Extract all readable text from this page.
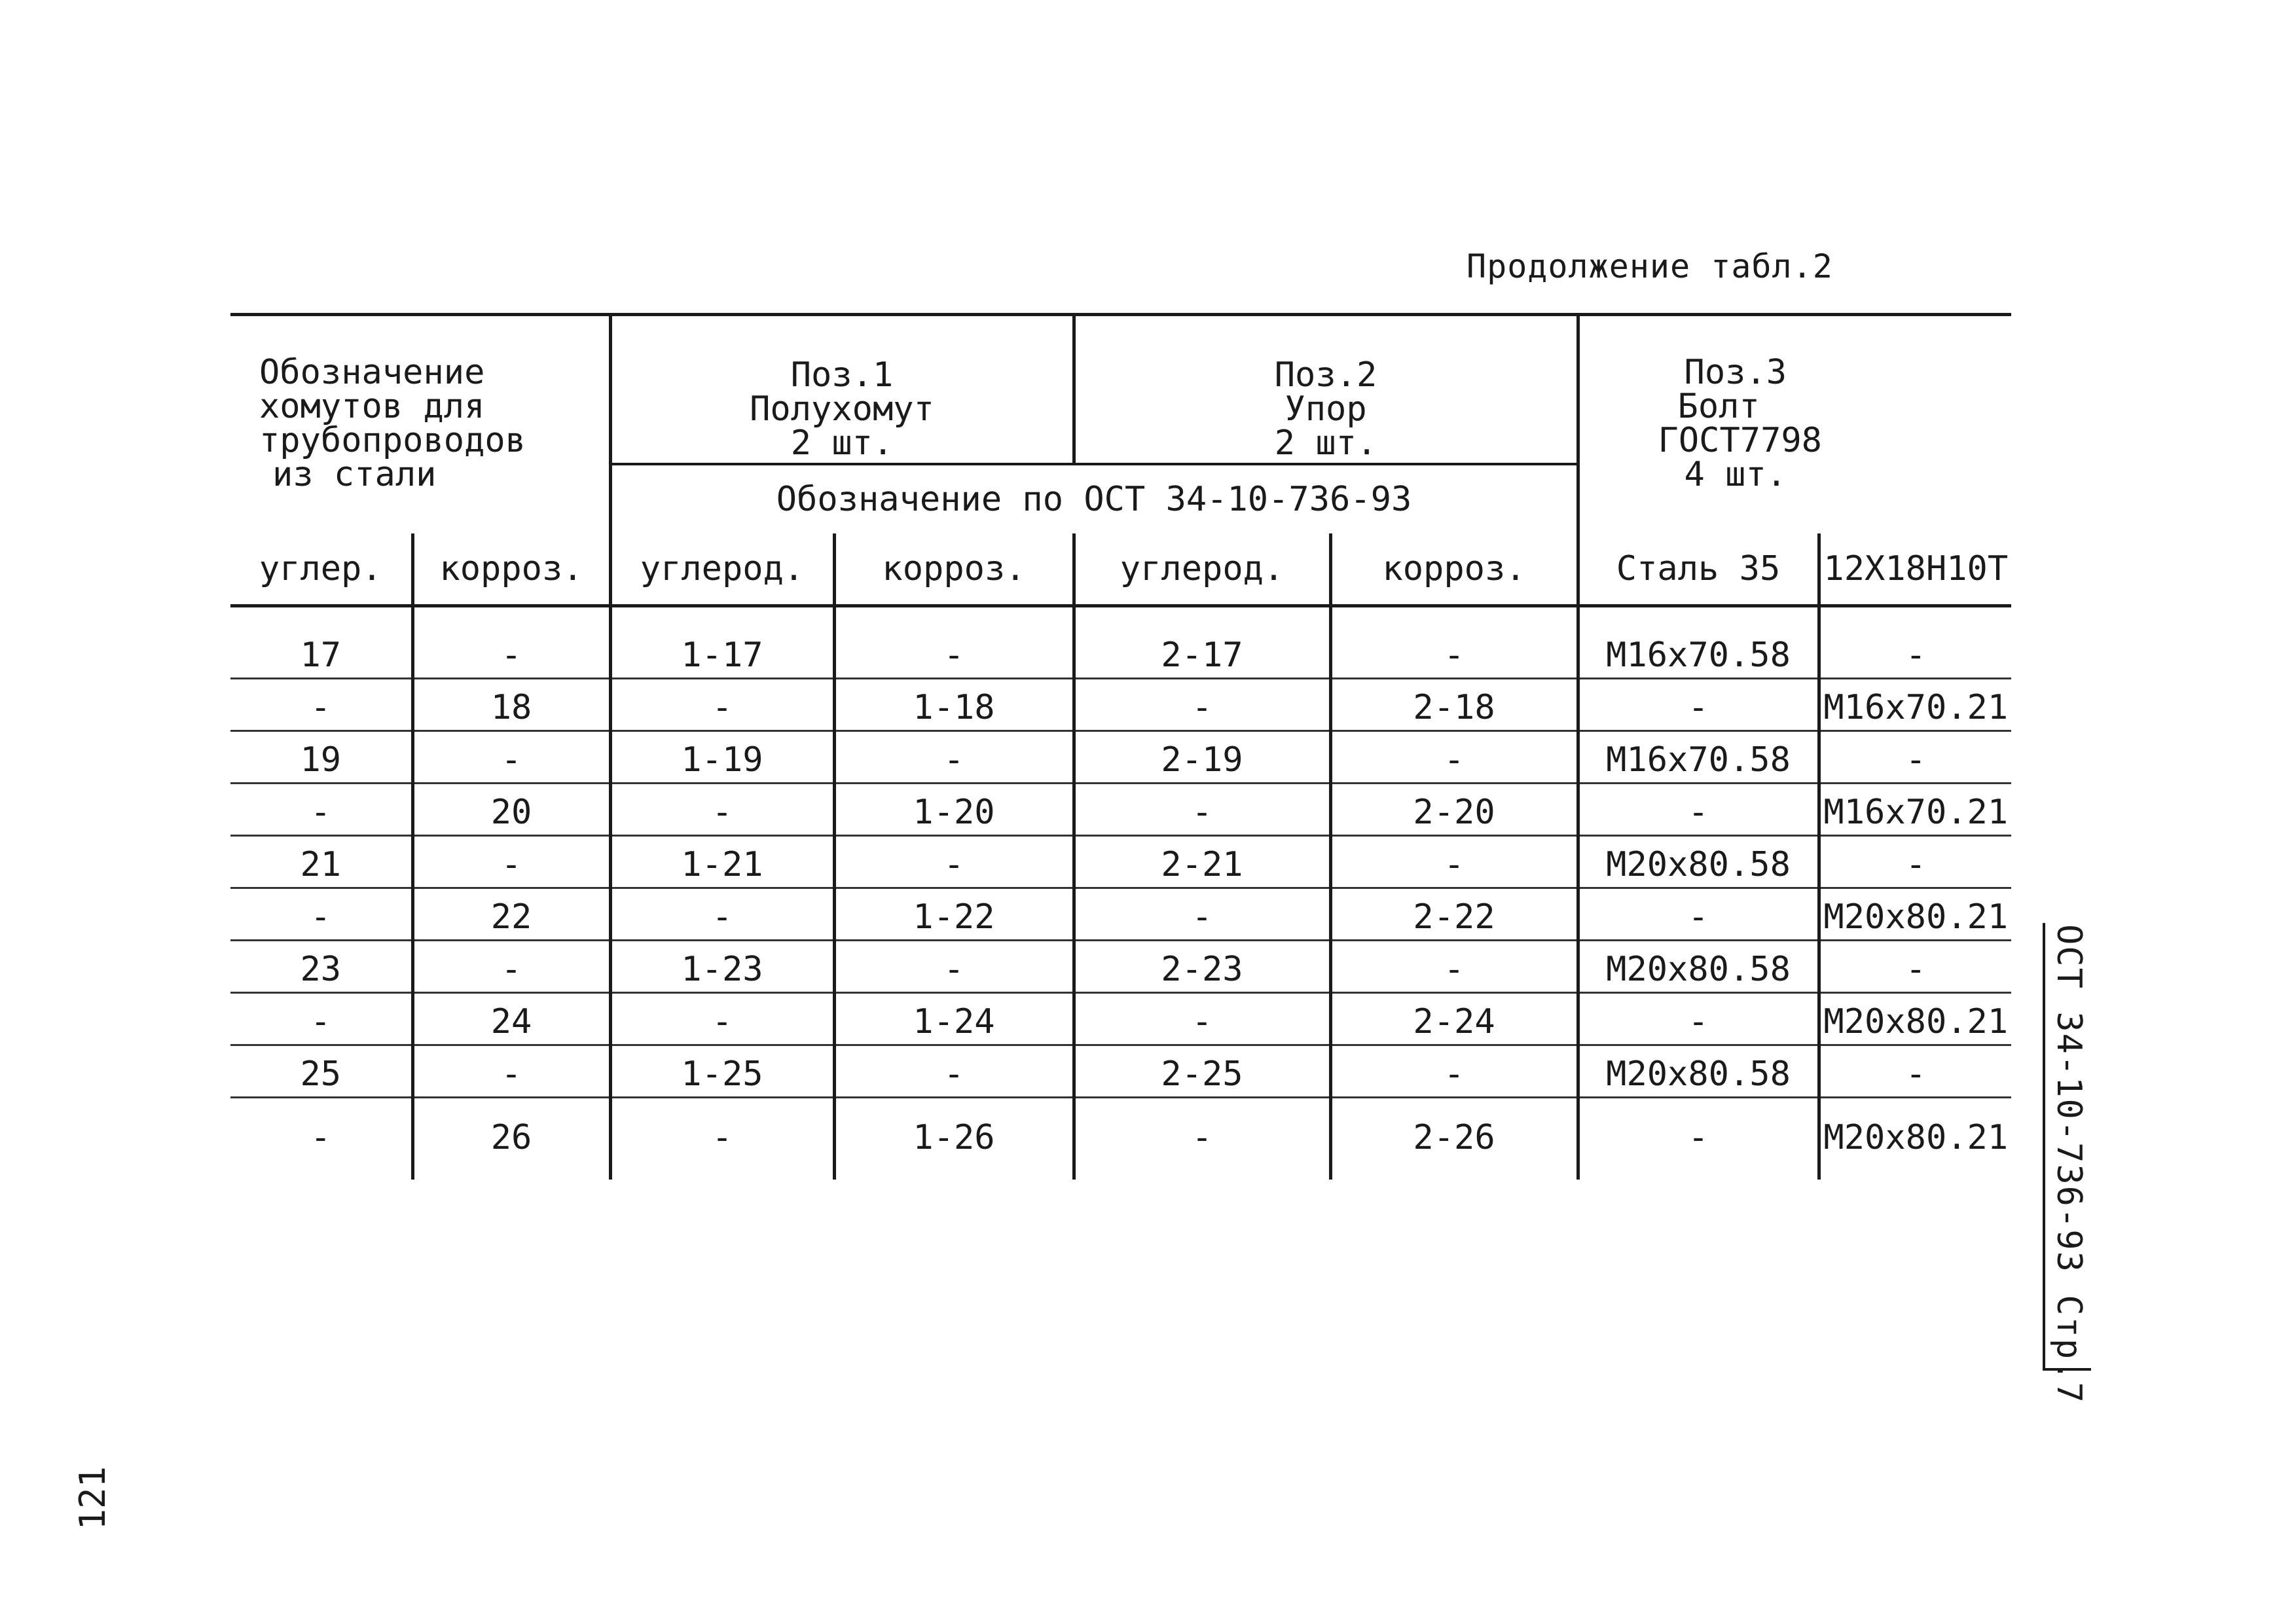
Продолжение табл.2
Обозначение
хомутов для
трубопроводов
из стали		Поз.1
Полухомут
2 шт.		Поз.2
Упор
2 шт.		Поз.3
Болт
ГОСТ7798
4 шт.	

		Обозначение по ОСТ 34-10-736-93					
углер.	корроз.	углерод.	корроз.	углерод.	корроз.	Сталь 35	12Х18Н10Т

17	-	1-17	-	2-17	-	М16х70.58	-
-	18	-	1-18	-	2-18	-	М16х70.21
19	-	1-19	-	2-19	-	М16х70.58	-
-	20	-	1-20	-	2-20	-	М16х70.21
21	-	1-21	-	2-21	-	М20х80.58	-
-	22	-	1-22	-	2-22	-	М20х80.21
23	-	1-23	-	2-23	-	М20х80.58	-
-	24	-	1-24	-	2-24	-	М20х80.21
25	-	1-25	-	2-25	-	М20х80.58	-
-	26	-	1-26	-	2-26	-	М20х80.21 ОСТ 34-10-736-93 Стр.7
121
